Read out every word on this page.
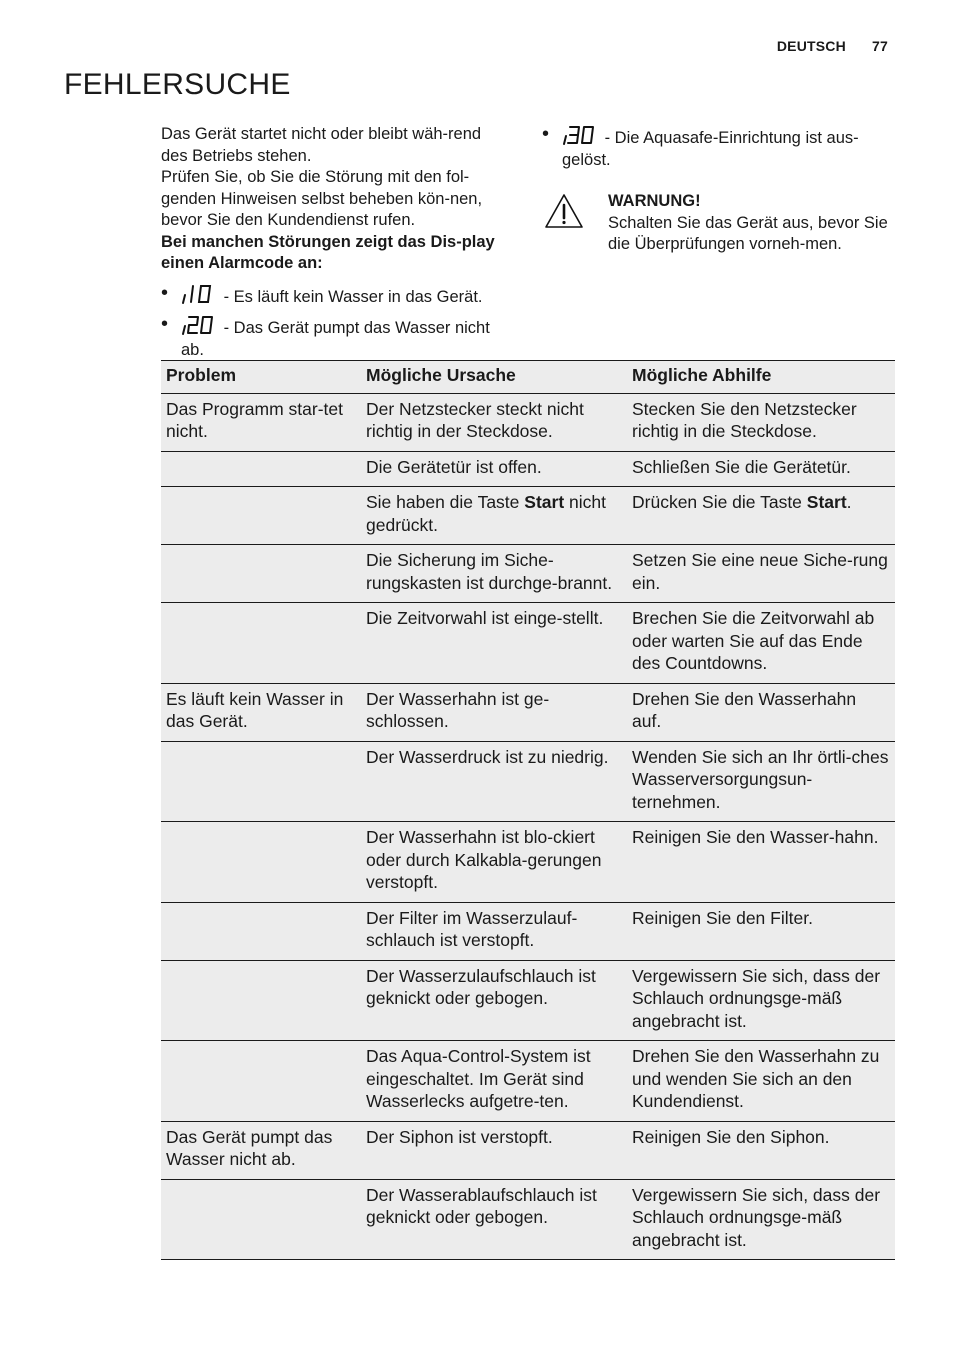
DEUTSCH 77
FEHLERSUCHE

Das Gerät startet nicht oder bleibt wäh-rend des Betriebs stehen.

Prüfen Sie, ob Sie die Störung mit den fol-genden Hinweisen selbst beheben kön-nen, bevor Sie den Kundendienst rufen.

Bei manchen Störungen zeigt das Dis-play einen Alarmcode an:

•	- Es läuft kein Wasser in das Gerät.
•	- Das Gerät pumpt das Wasser nicht ab.
•	- Die Aquasafe-Einrichtung ist aus-gelöst.
WARNUNG!
Schalten Sie das Gerät aus, bevor Sie die Überprüfungen vorneh-men.
Problem	Mögliche Ursache	Mögliche Abhilfe
Das Programm star-tet nicht.	Der Netzstecker steckt nicht richtig in der Steckdose.	Stecken Sie den Netzstecker richtig in die Steckdose.
	Die Gerätetür ist offen.	Schließen Sie die Gerätetür.
	Sie haben die Taste Start nicht gedrückt.	Drücken Sie die Taste Start.
	Die Sicherung im Siche-rungskasten ist durchge-brannt.	Setzen Sie eine neue Siche-rung ein.
	Die Zeitvorwahl ist einge-stellt.	Brechen Sie die Zeitvorwahl ab oder warten Sie auf das Ende des Countdowns.
Es läuft kein Wasser in das Gerät.	Der Wasserhahn ist ge-schlossen.	Drehen Sie den Wasserhahn auf.
	Der Wasserdruck ist zu niedrig.	Wenden Sie sich an Ihr örtli-ches Wasserversorgungsun-ternehmen.
	Der Wasserhahn ist blo-ckiert oder durch Kalkabla-gerungen verstopft.	Reinigen Sie den Wasser-hahn.
	Der Filter im Wasserzulauf-schlauch ist verstopft.	Reinigen Sie den Filter.
	Der Wasserzulaufschlauch ist geknickt oder gebogen.	Vergewissern Sie sich, dass der Schlauch ordnungsge-mäß angebracht ist.
	Das Aqua-Control-System ist eingeschaltet. Im Gerät sind Wasserlecks aufgetre-ten.	Drehen Sie den Wasserhahn zu und wenden Sie sich an den Kundendienst.
Das Gerät pumpt das Wasser nicht ab.	Der Siphon ist verstopft.	Reinigen Sie den Siphon.
	Der Wasserablaufschlauch ist geknickt oder gebogen.	Vergewissern Sie sich, dass der Schlauch ordnungsge-mäß angebracht ist.
